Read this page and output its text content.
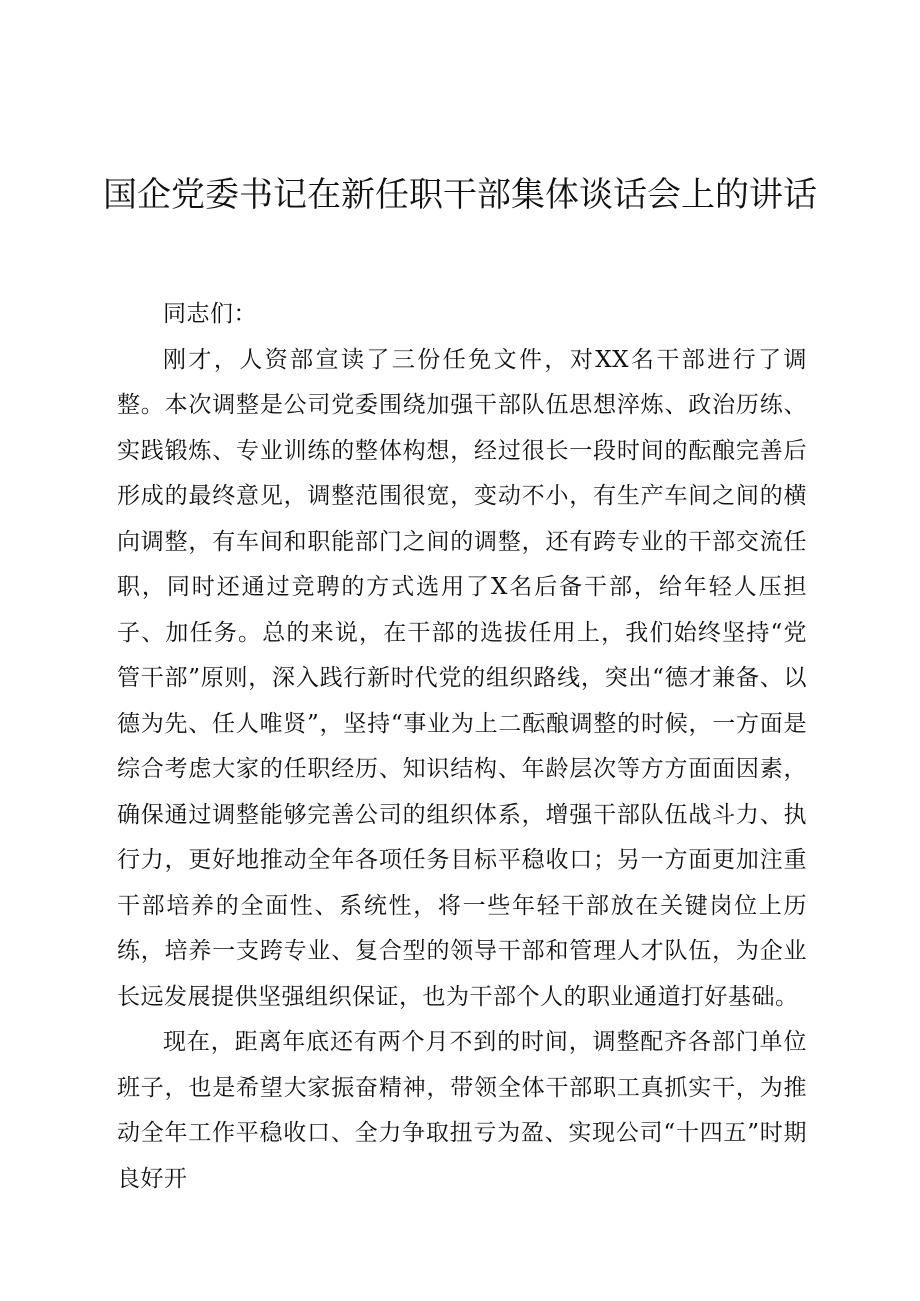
国企党委书记在新任职干部集体谈话会上的讲话

同志们：

刚才，人资部宣读了三份任免文件，对XX名干部进行了调整。本次调整是公司党委围绕加强干部队伍思想淬炼、政治历练、实践锻炼、专业训练的整体构想，经过很长一段时间的酝酿完善后形成的最终意见，调整范围很宽，变动不小，有生产车间之间的横向调整，有车间和职能部门之间的调整，还有跨专业的干部交流任职，同时还通过竞聘的方式选用了X名后备干部，给年轻人压担子、加任务。总的来说，在干部的选拔任用上，我们始终坚持“党管干部”原则，深入践行新时代党的组织路线，突出“德才兼备、以德为先、任人唯贤”，坚持“事业为上二酝酿调整的时候，一方面是综合考虑大家的任职经历、知识结构、年龄层次等方方面面因素，确保通过调整能够完善公司的组织体系，增强干部队伍战斗力、执行力，更好地推动全年各项任务目标平稳收口；另一方面更加注重干部培养的全面性、系统性，将一些年轻干部放在关键岗位上历练，培养一支跨专业、复合型的领导干部和管理人才队伍，为企业长远发展提供坚强组织保证，也为干部个人的职业通道打好基础。

现在，距离年底还有两个月不到的时间，调整配齐各部门单位班子，也是希望大家振奋精神，带领全体干部职工真抓实干，为推动全年工作平稳收口、全力争取扭亏为盈、实现公司“十四五”时期良好开
